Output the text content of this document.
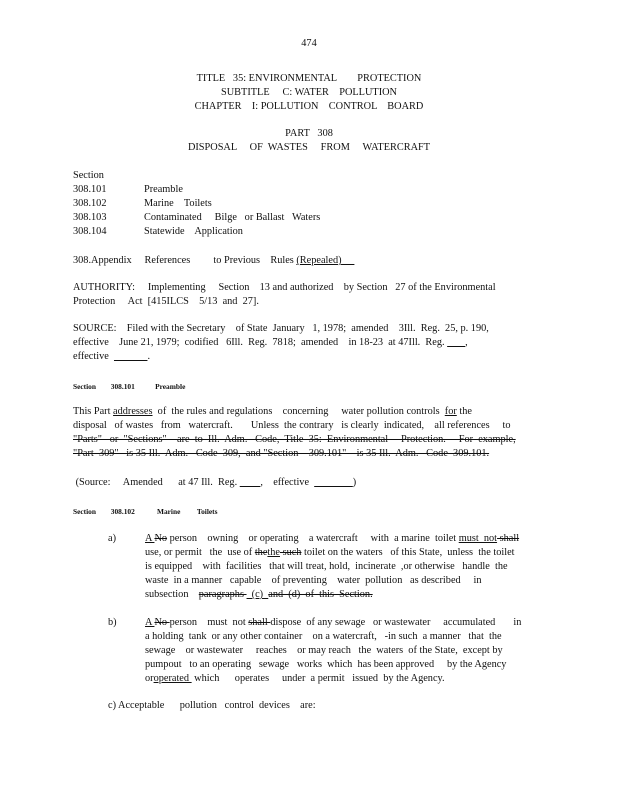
474
TITLE   35: ENVIRONMENTAL        PROTECTION
SUBTITLE     C: WATER    POLLUTION
CHAPTER    I: POLLUTION    CONTROL    BOARD
PART   308
DISPOSAL     OF  WASTES     FROM     WATERCRAFT
Section
308.101	Preamble
308.102	Marine    Toilets
308.103	Contaminated     Bilge   or Ballast   Waters
308.104	Statewide    Application
308.Appendix     References         to Previous    Rules (Repealed)
AUTHORITY:     Implementing     Section    13 and authorized    by Section   27 of the Environmental
Protection     Act  [415ILCS    5/13  and  27].
SOURCE:    Filed with the Secretary    of State  January   1, 1978;  amended    3Ill.  Reg.  25, p. 190,
effective    June 21, 1979;  codified   6Ill.  Reg.  7818;  amended    in 18-23  at 47Ill.  Reg.        ,
effective	.
Section        308.101           Preamble
This Part addresses  of  the rules and regulations    concerning     water pollution controls  for the
disposal   of wastes   from   watercraft.       Unless  the contrary   is clearly  indicated,    all references     to
"Parts"   or  "Sections"    are  to  Ill.  Adm.   Code,  Title  35:  Environmental     Protection.     For  example,
"Part  309"   is 35 Ill.  Adm.   Code  309,  and "Section    309.101"    is 35 Ill.  Adm.   Code  309.101.
(Source:     Amended      at 47 Ill.  Reg.         ,    effective	)
Section        308.102            Marine         Toilets
a)	A No person    owning    or operating    a watercraft     with  a marine  toilet must  not shall
use, or permit   the  use of thethe such toilet on the waters   of this State,  unless  the toilet
is equipped    with  facilities   that will treat, hold,  incinerate  ,or otherwise   handle  the
waste  in a manner   capable    of preventing    water  pollution   as described     in
subsection    paragraphs   (c)  and  (d)  of  this  Section.
b)	A No person    must  not shall dispose  of any sewage   or wastewater     accumulated       in
a holding  tank  or any other container    on a watercraft,   -in such  a manner   that  the
sewage    or wastewater     reaches    or may reach   the  waters  of the State,  except by
pumpout   to an operating   sewage   works  which  has been approved     by the Agency
oroperated  which      operates     under  a permit   issued  by the Agency.
c) Acceptable      pollution   control  devices    are:
